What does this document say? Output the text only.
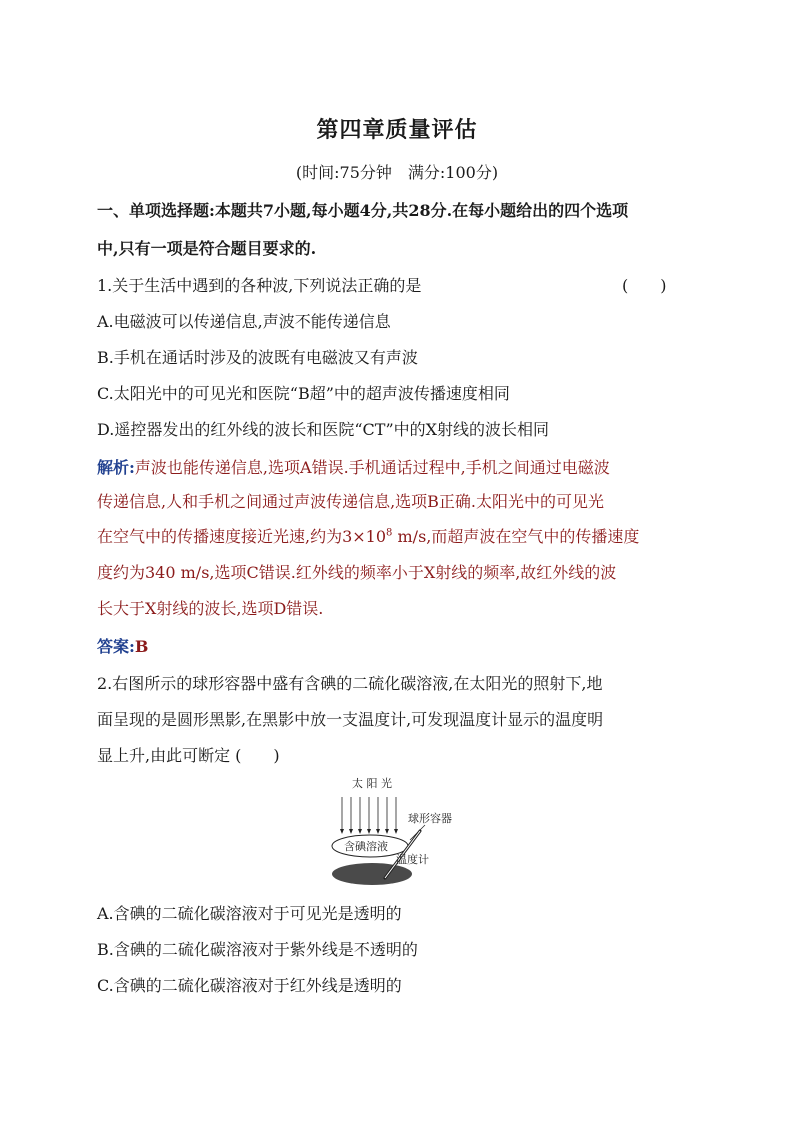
第四章质量评估
(时间:75分钟　满分:100分)
一、单项选择题:本题共7小题,每小题4分,共28分.在每小题给出的四个选项
中,只有一项是符合题目要求的.
1.关于生活中遇到的各种波,下列说法正确的是	(　　)
A.电磁波可以传递信息,声波不能传递信息
B.手机在通话时涉及的波既有电磁波又有声波
C.太阳光中的可见光和医院“B超”中的超声波传播速度相同
D.遥控器发出的红外线的波长和医院“CT”中的X射线的波长相同
解析:声波也能传递信息,选项A错误.手机通话过程中,手机之间通过电磁波
传递信息,人和手机之间通过声波传递信息,选项B正确.太阳光中的可见光
在空气中的传播速度接近光速,约为$3\times 10^8$ m/s,而超声波在空气中的传播速度
度约为340 m/s,选项C错误.红外线的频率小于X射线的频率,故红外线的波
长大于X射线的波长,选项D错误.
答案:B
2.右图所示的球形容器中盛有含碘的二硫化碳溶液,在太阳光的照射下,地
面呈现的是圆形黑影,在黑影中放一支温度计,可发现温度计显示的温度明
显上升,由此可断定 (　　)
太 阳 光
含碘溶液
球形容器
温度计
A.含碘的二硫化碳溶液对于可见光是透明的
B.含碘的二硫化碳溶液对于紫外线是不透明的
C.含碘的二硫化碳溶液对于红外线是透明的
